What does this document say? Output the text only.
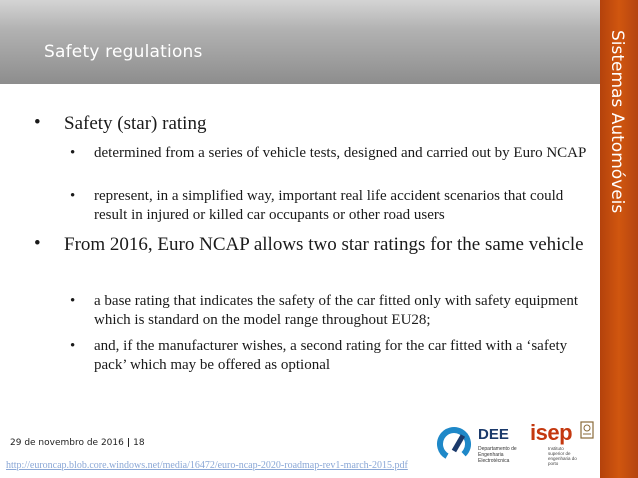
Safety regulations	Sistemas Automóveis
• Safety (star) rating
• determined from a series of vehicle tests, designed and carried out by Euro NCAP
• represent, in a simplified way, important real life accident scenarios that could result in injured or killed car occupants or other road users
• From 2016, Euro NCAP allows two star ratings for the same vehicle
• a base rating that indicates the safety of the car fitted only with safety equipment which is standard on the model range throughout EU28;
• and, if the manufacturer wishes, a second rating for the car fitted with a ‘safety pack’ which may be offered as optional
29 de novembro de 2016 | 18
http://euroncap.blob.core.windows.net/media/16472/euro-ncap-2020-roadmap-rev1-march-2015.pdf
DEE
Departamento de Engenharia Electrotécnica
isep
Instituto superior de engenharia do porto
